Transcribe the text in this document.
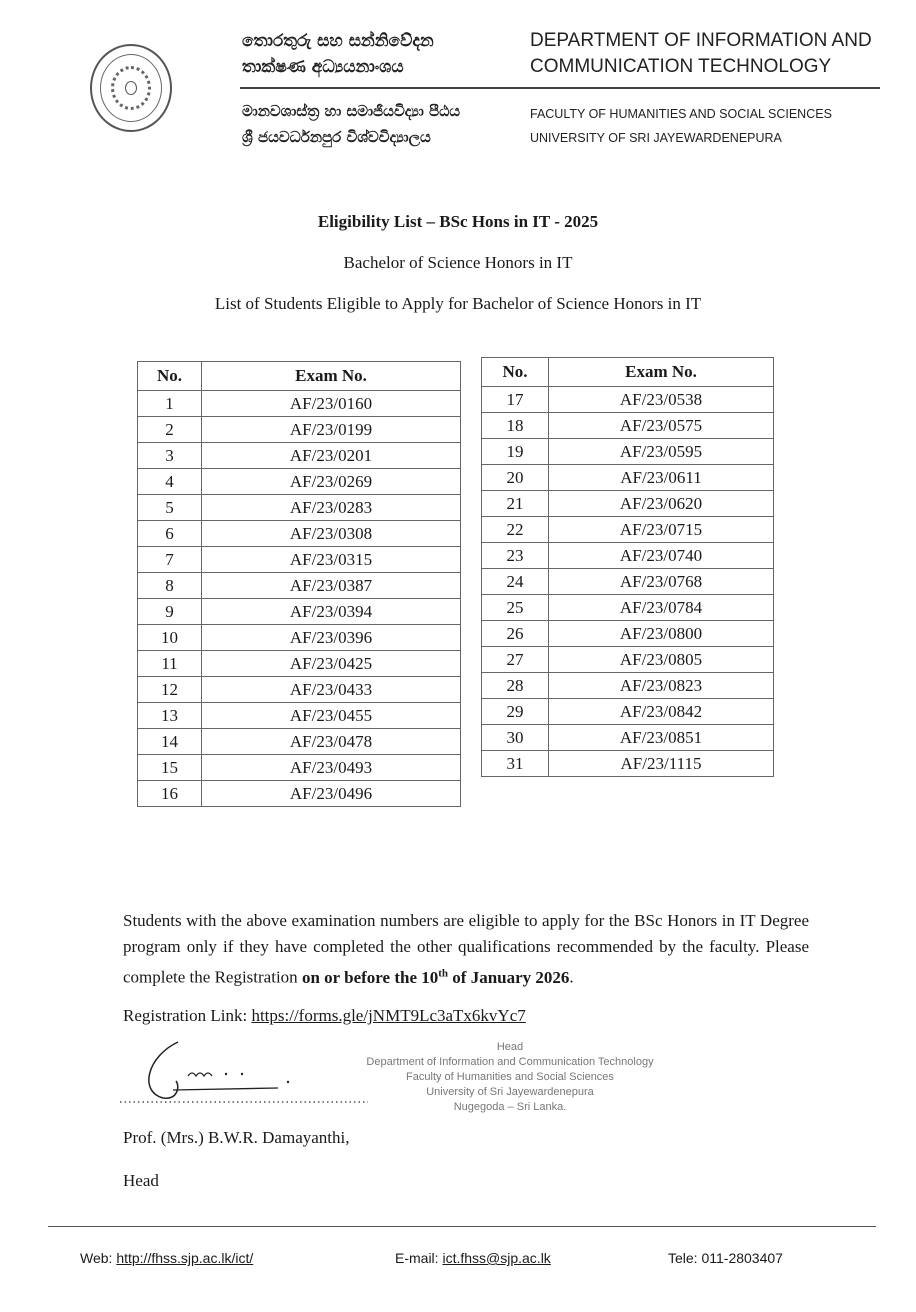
තොරතුරු සහ සන්නිවේදන
තාක්ෂණ අධ්‍යයනාංශය
DEPARTMENT OF INFORMATION AND
COMMUNICATION TECHNOLOGY
මානවශාස්ත්‍ර හා සමාජීයවිද්‍යා පීඨය
ශ්‍රී ජයවර්ධනපුර විශ්වවිද්‍යාලය
FACULTY OF HUMANITIES AND SOCIAL SCIENCES
UNIVERSITY OF SRI JAYEWARDENEPURA
Eligibility List – BSc Hons in IT - 2025
Bachelor of Science Honors in IT
List of Students Eligible to Apply for Bachelor of Science Honors in IT
No.	Exam No.
1	AF/23/0160
2	AF/23/0199
3	AF/23/0201
4	AF/23/0269
5	AF/23/0283
6	AF/23/0308
7	AF/23/0315
8	AF/23/0387
9	AF/23/0394
10	AF/23/0396
11	AF/23/0425
12	AF/23/0433
13	AF/23/0455
14	AF/23/0478
15	AF/23/0493
16	AF/23/0496
No.	Exam No.
17	AF/23/0538
18	AF/23/0575
19	AF/23/0595
20	AF/23/0611
21	AF/23/0620
22	AF/23/0715
23	AF/23/0740
24	AF/23/0768
25	AF/23/0784
26	AF/23/0800
27	AF/23/0805
28	AF/23/0823
29	AF/23/0842
30	AF/23/0851
31	AF/23/1115
Students with the above examination numbers are eligible to apply for the BSc Honors in IT Degree program only if they have completed the other qualifications recommended by the faculty. Please complete the Registration on or before the 10th of January 2026.
Registration Link: https://forms.gle/jNMT9Lc3aTx6kvYc7
Head
Department of Information and Communication Technology
Faculty of Humanities and Social Sciences
University of Sri Jayewardenepura
Nugegoda – Sri Lanka.
Prof. (Mrs.) B.W.R. Damayanthi,
Head
Web: http://fhss.sjp.ac.lk/ict/	E-mail: ict.fhss@sjp.ac.lk	Tele: 011-2803407
